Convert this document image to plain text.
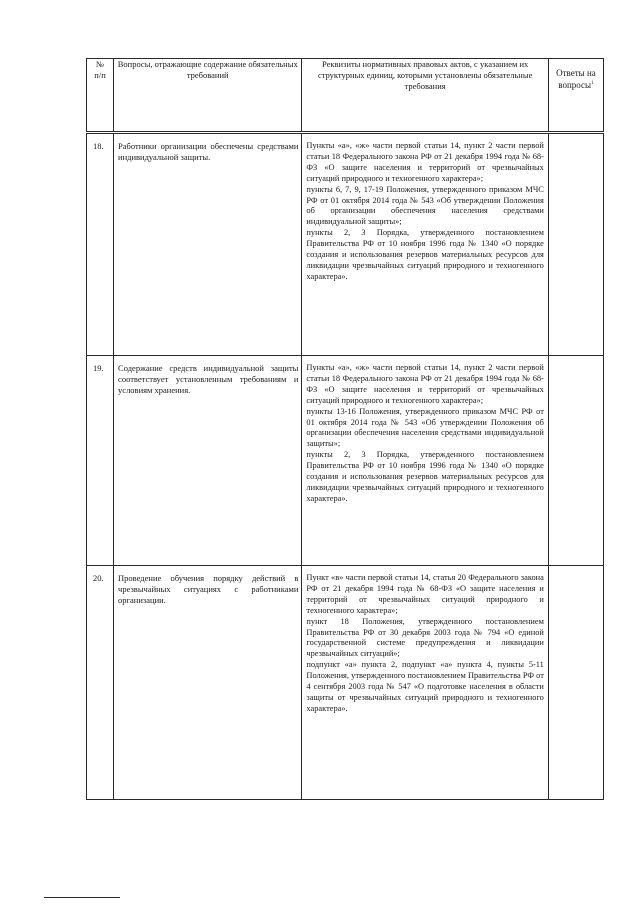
№
п/п	Вопросы, отражающие содержание обязательных требований	Реквизиты нормативных правовых актов, с указанием их структурных единиц, которыми установлены обязательные требования	Ответы на вопросы$^1$
18.	Работники организации обеспечены средствами индивидуальной защиты.	Пункты «а», «ж» части первой статьи 14, пункт 2 части первой статьи 18 Федерального закона РФ от 21 декабря 1994 года № 68-ФЗ «О защите населения и территорий от чрезвычайных ситуаций природного и техногенного характера»;

пункты 6, 7, 9, 17-19 Положения, утвержденного приказом МЧС РФ от 01 октября 2014 года № 543 «Об утверждении Положения об организации обеспечения населения средствами индивидуальной защиты»;

пункты 2, 3 Порядка, утвержденного постановлением Правительства РФ от 10 ноября 1996 года № 1340 «О порядке создания и использования резервов материальных ресурсов для ликвидации чрезвычайных ситуаций природного и техногенного характера».	

19.	Содержание средств индивидуальной защиты соответствует установленным требованиям и условиям хранения.	Пункты «а», «ж» части первой статьи 14, пункт 2 части первой статьи 18 Федерального закона РФ от 21 декабря 1994 года № 68-ФЗ «О защите населения и территорий от чрезвычайных ситуаций природного и техногенного характера»;

пункты 13-16 Положения, утвержденного приказом МЧС РФ от 01 октября 2014 года № 543 «Об утверждении Положения об организации обеспечения населения средствами индивидуальной защиты»;

пункты 2, 3 Порядка, утвержденного постановлением Правительства РФ от 10 ноября 1996 года № 1340 «О порядке создания и использования резервов материальных ресурсов для ликвидации чрезвычайных ситуаций природного и техногенного характера».	

20.	Проведение обучения порядку действий в чрезвычайных ситуациях с работниками организации.	Пункт «в» части первой статьи 14, статья 20 Федерального закона РФ от 21 декабря 1994 года № 68-ФЗ «О защите населения и территорий от чрезвычайных ситуаций природного и техногенного характера»;

пункт 18 Положения, утвержденного постановлением Правительства РФ от 30 декабря 2003 года № 794 «О единой государственной системе предупреждения и ликвидации чрезвычайных ситуаций»;

подпункт «а» пункта 2, подпункт «а» пункта 4, пункты 5-11 Положения, утвержденного постановлением Правительства РФ от 4 сентября 2003 года № 547 «О подготовке населения в области защиты от чрезвычайных ситуаций природного и техногенного характера».	
